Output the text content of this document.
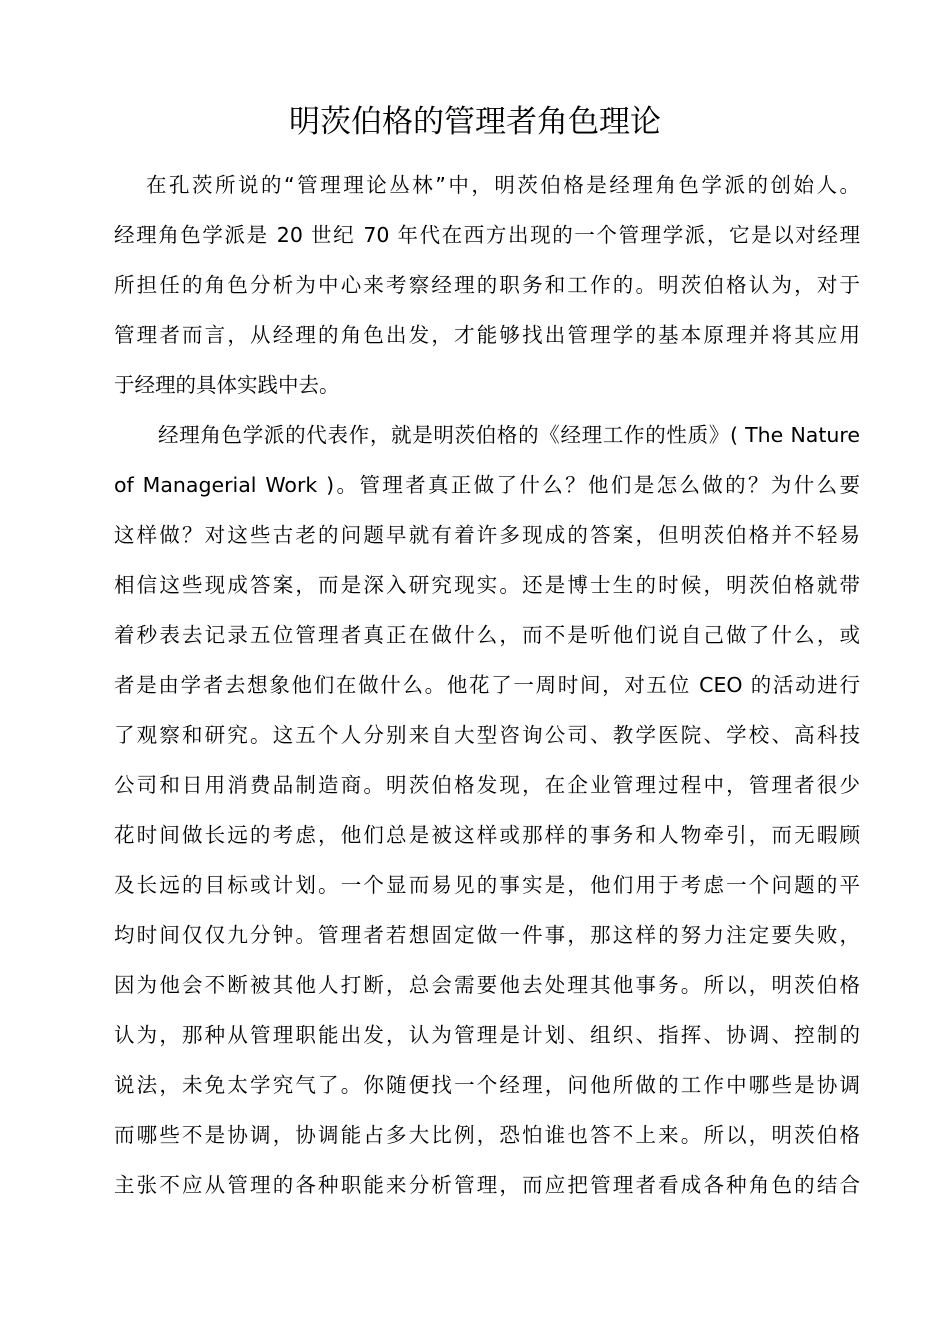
明茨伯格的管理者角色理论
在孔茨所说的“管理理论丛林”中，明茨伯格是经理角色学派的创始人。
经理角色学派是 20 世纪 70 年代在西方出现的一个管理学派，它是以对经理
所担任的角色分析为中心来考察经理的职务和工作的。明茨伯格认为，对于
管理者而言，从经理的角色出发，才能够找出管理学的基本原理并将其应用
于经理的具体实践中去。
经理角色学派的代表作，就是明茨伯格的《经理工作的性质》( The Nature
of Managerial Work )。管理者真正做了什么？他们是怎么做的？为什么要
这样做？对这些古老的问题早就有着许多现成的答案，但明茨伯格并不轻易
相信这些现成答案，而是深入研究现实。还是博士生的时候，明茨伯格就带
着秒表去记录五位管理者真正在做什么，而不是听他们说自己做了什么，或
者是由学者去想象他们在做什么。他花了一周时间，对五位 CEO 的活动进行
了观察和研究。这五个人分别来自大型咨询公司、教学医院、学校、高科技
公司和日用消费品制造商。明茨伯格发现，在企业管理过程中，管理者很少
花时间做长远的考虑，他们总是被这样或那样的事务和人物牵引，而无暇顾
及长远的目标或计划。一个显而易见的事实是，他们用于考虑一个问题的平
均时间仅仅九分钟。管理者若想固定做一件事，那这样的努力注定要失败，
因为他会不断被其他人打断，总会需要他去处理其他事务。所以，明茨伯格
认为，那种从管理职能出发，认为管理是计划、组织、指挥、协调、控制的
说法，未免太学究气了。你随便找一个经理，问他所做的工作中哪些是协调
而哪些不是协调，协调能占多大比例，恐怕谁也答不上来。所以，明茨伯格
主张不应从管理的各种职能来分析管理，而应把管理者看成各种角色的结合
